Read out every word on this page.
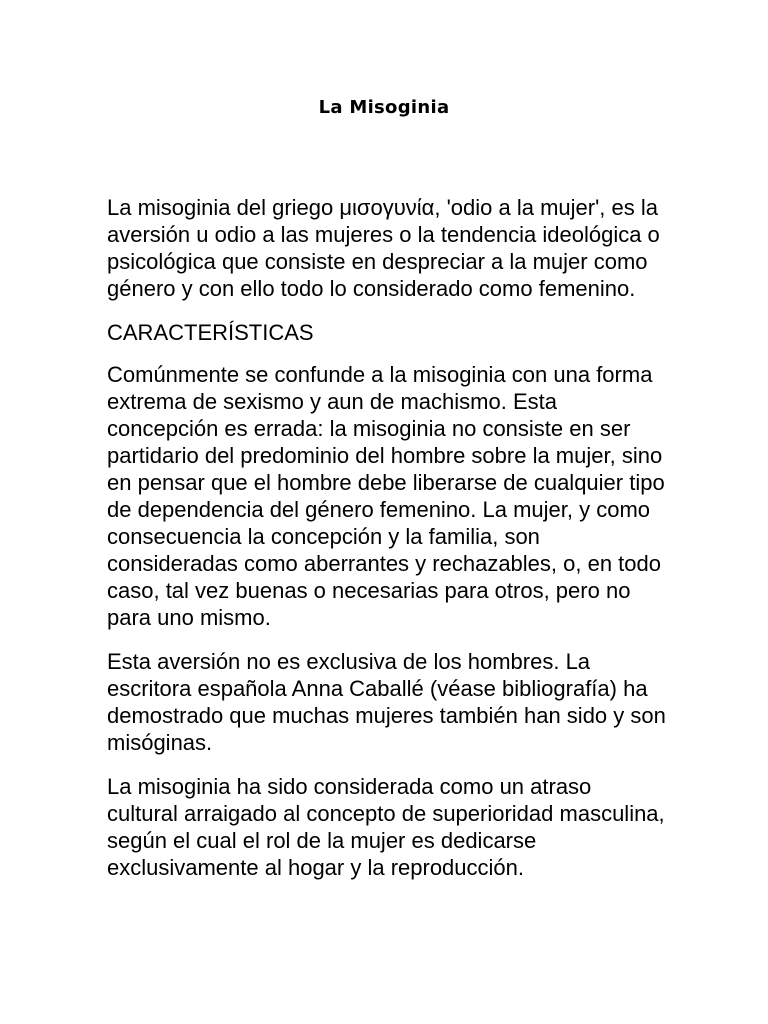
La Misoginia

La misoginia del griego μισογυνία, 'odio a la mujer', es la aversión u odio a las mujeres o la tendencia ideológica o psicológica que consiste en despreciar a la mujer como género y con ello todo lo considerado como femenino.

CARACTERÍSTICAS

Comúnmente se confunde a la misoginia con una forma extrema de sexismo y aun de machismo. Esta concepción es errada: la misoginia no consiste en ser partidario del predominio del hombre sobre la mujer, sino en pensar que el hombre debe liberarse de cualquier tipo de dependencia del género femenino. La mujer, y como consecuencia la concepción y la familia, son consideradas como aberrantes y rechazables, o, en todo caso, tal vez buenas o necesarias para otros, pero no para uno mismo.

Esta aversión no es exclusiva de los hombres. La escritora española Anna Caballé (véase bibliografía) ha demostrado que muchas mujeres también han sido y son misóginas.

La misoginia ha sido considerada como un atraso cultural arraigado al concepto de superioridad masculina, según el cual el rol de la mujer es dedicarse exclusivamente al hogar y la reproducción.
